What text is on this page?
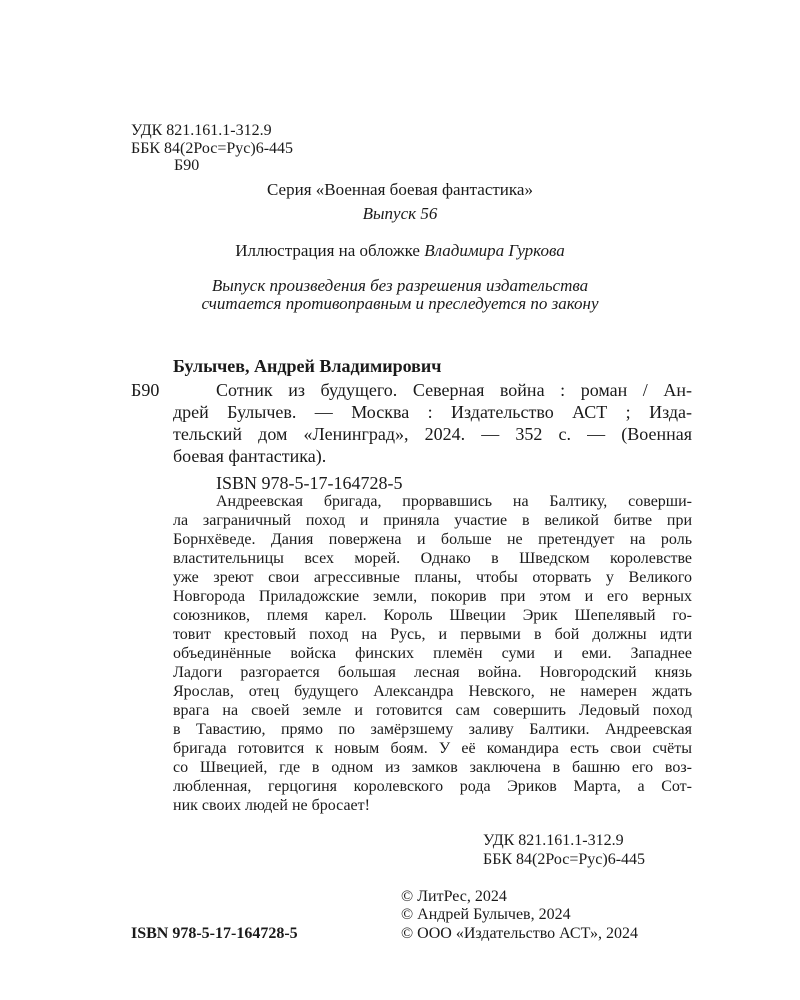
УДК 821.161.1-312.9
ББК 84(2Рос=Рус)6-445
Б90
Серия «Военная боевая фантастика»
Выпуск 56
Иллюстрация на обложке Владимира Гуркова
Выпуск произведения без разрешения издательства
считается противоправным и преследуется по закону
Булычев, Андрей Владимирович
Б90	Сотник из будущего. Северная война : роман / Ан-
дрей Булычев. — Москва : Издательство АСТ ; Изда-
тельский дом «Ленинград», 2024. — 352 с. — (Военная
боевая фантастика).
ISBN 978-5-17-164728-5
Андреевская бригада, прорвавшись на Балтику, соверши-
ла заграничный поход и приняла участие в великой битве при
Борнхёведе. Дания повержена и больше не претендует на роль
властительницы всех морей. Однако в Шведском королевстве
уже зреют свои агрессивные планы, чтобы оторвать у Великого
Новгорода Приладожские земли, покорив при этом и его верных
союзников, племя карел. Король Швеции Эрик Шепелявый го-
товит крестовый поход на Русь, и первыми в бой должны идти
объединённые войска финских племён суми и еми. Западнее
Ладоги разгорается большая лесная война. Новгородский князь
Ярослав, отец будущего Александра Невского, не намерен ждать
врага на своей земле и готовится сам совершить Ледовый поход
в Тавастию, прямо по замёрзшему заливу Балтики. Андреевская
бригада готовится к новым боям. У её командира есть свои счёты
со Швецией, где в одном из замков заключена в башню его воз-
любленная, герцогиня королевского рода Эриков Марта, а Сот-
ник своих людей не бросает!
УДК 821.161.1-312.9
ББК 84(2Рос=Рус)6-445
ISBN 978-5-17-164728-5
© ЛитРес, 2024
© Андрей Булычев, 2024
© ООО «Издательство АСТ», 2024
